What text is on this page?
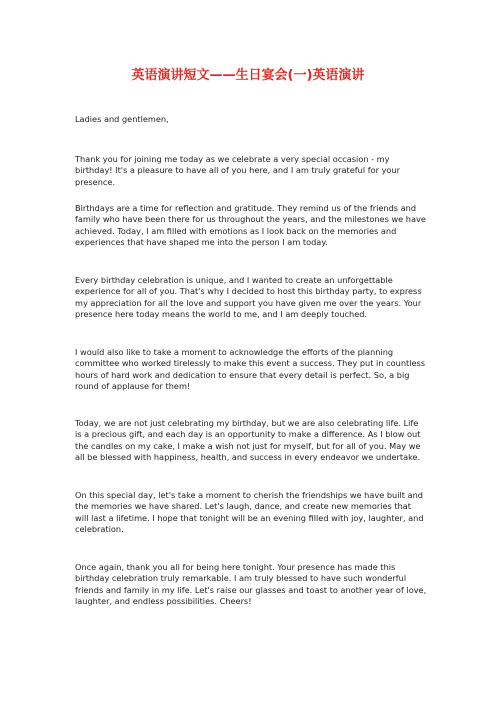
英语演讲短文——生日宴会(一)英语演讲

Ladies and gentlemen,

Thank you for joining me today as we celebrate a very special occasion - my birthday! It's a pleasure to have all of you here, and I am truly grateful for your presence.

Birthdays are a time for reflection and gratitude. They remind us of the friends and family who have been there for us throughout the years, and the milestones we have achieved. Today, I am filled with emotions as I look back on the memories and experiences that have shaped me into the person I am today.

Every birthday celebration is unique, and I wanted to create an unforgettable experience for all of you. That's why I decided to host this birthday party, to express my appreciation for all the love and support you have given me over the years. Your presence here today means the world to me, and I am deeply touched.

I would also like to take a moment to acknowledge the efforts of the planning committee who worked tirelessly to make this event a success. They put in countless hours of hard work and dedication to ensure that every detail is perfect. So, a big round of applause for them!

Today, we are not just celebrating my birthday, but we are also celebrating life. Life is a precious gift, and each day is an opportunity to make a difference. As I blow out the candles on my cake, I make a wish not just for myself, but for all of you. May we all be blessed with happiness, health, and success in every endeavor we undertake.

On this special day, let's take a moment to cherish the friendships we have built and the memories we have shared. Let's laugh, dance, and create new memories that will last a lifetime. I hope that tonight will be an evening filled with joy, laughter, and celebration.

Once again, thank you all for being here tonight. Your presence has made this birthday celebration truly remarkable. I am truly blessed to have such wonderful friends and family in my life. Let's raise our glasses and toast to another year of love, laughter, and endless possibilities. Cheers!
